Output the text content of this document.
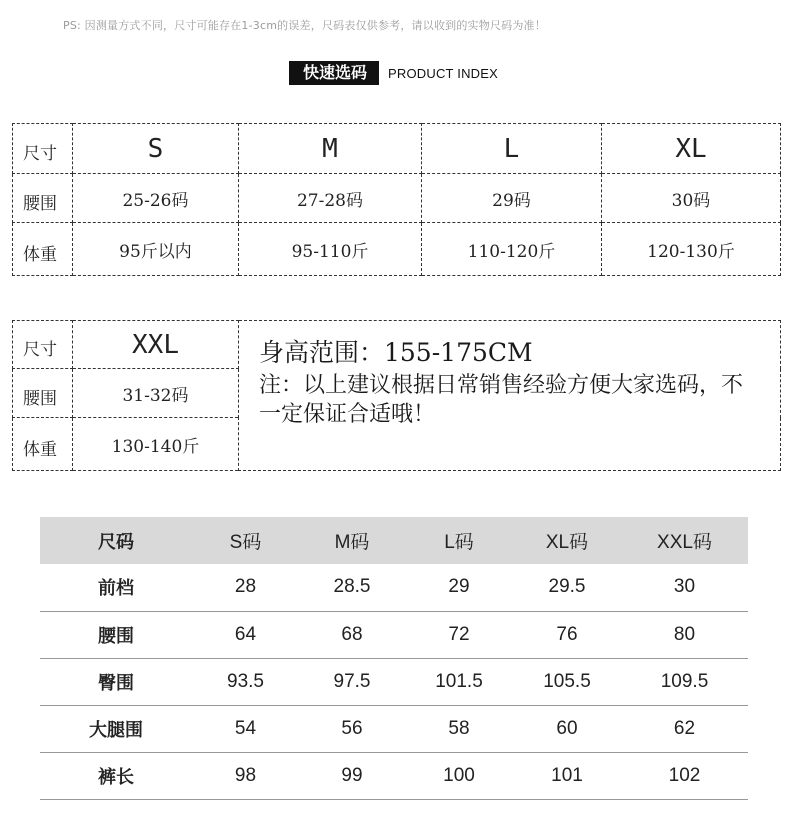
PS: 因测量方式不同，尺寸可能存在1-3cm的误差，尺码表仅供参考，请以收到的实物尺码为准！
快速选码	PRODUCT INDEX
尺寸	S	M	L	XL
腰围	25-26码	27-28码	29码	30码
体重	95斤以内	95-110斤	110-120斤	120-130斤
尺寸	XXL	身高范围：155-175CM
注：以上建议根据日常销售经验方便大家选码，不一定保证合适哦！

腰围	31-32码	
体重	130-140斤	
尺码	S码	M码	L码	XL码	XXL码
前档	28	28.5	29	29.5	30
腰围	64	68	72	76	80
臀围	93.5	97.5	101.5	105.5	109.5
大腿围	54	56	58	60	62
裤长	98	99	100	101	102
